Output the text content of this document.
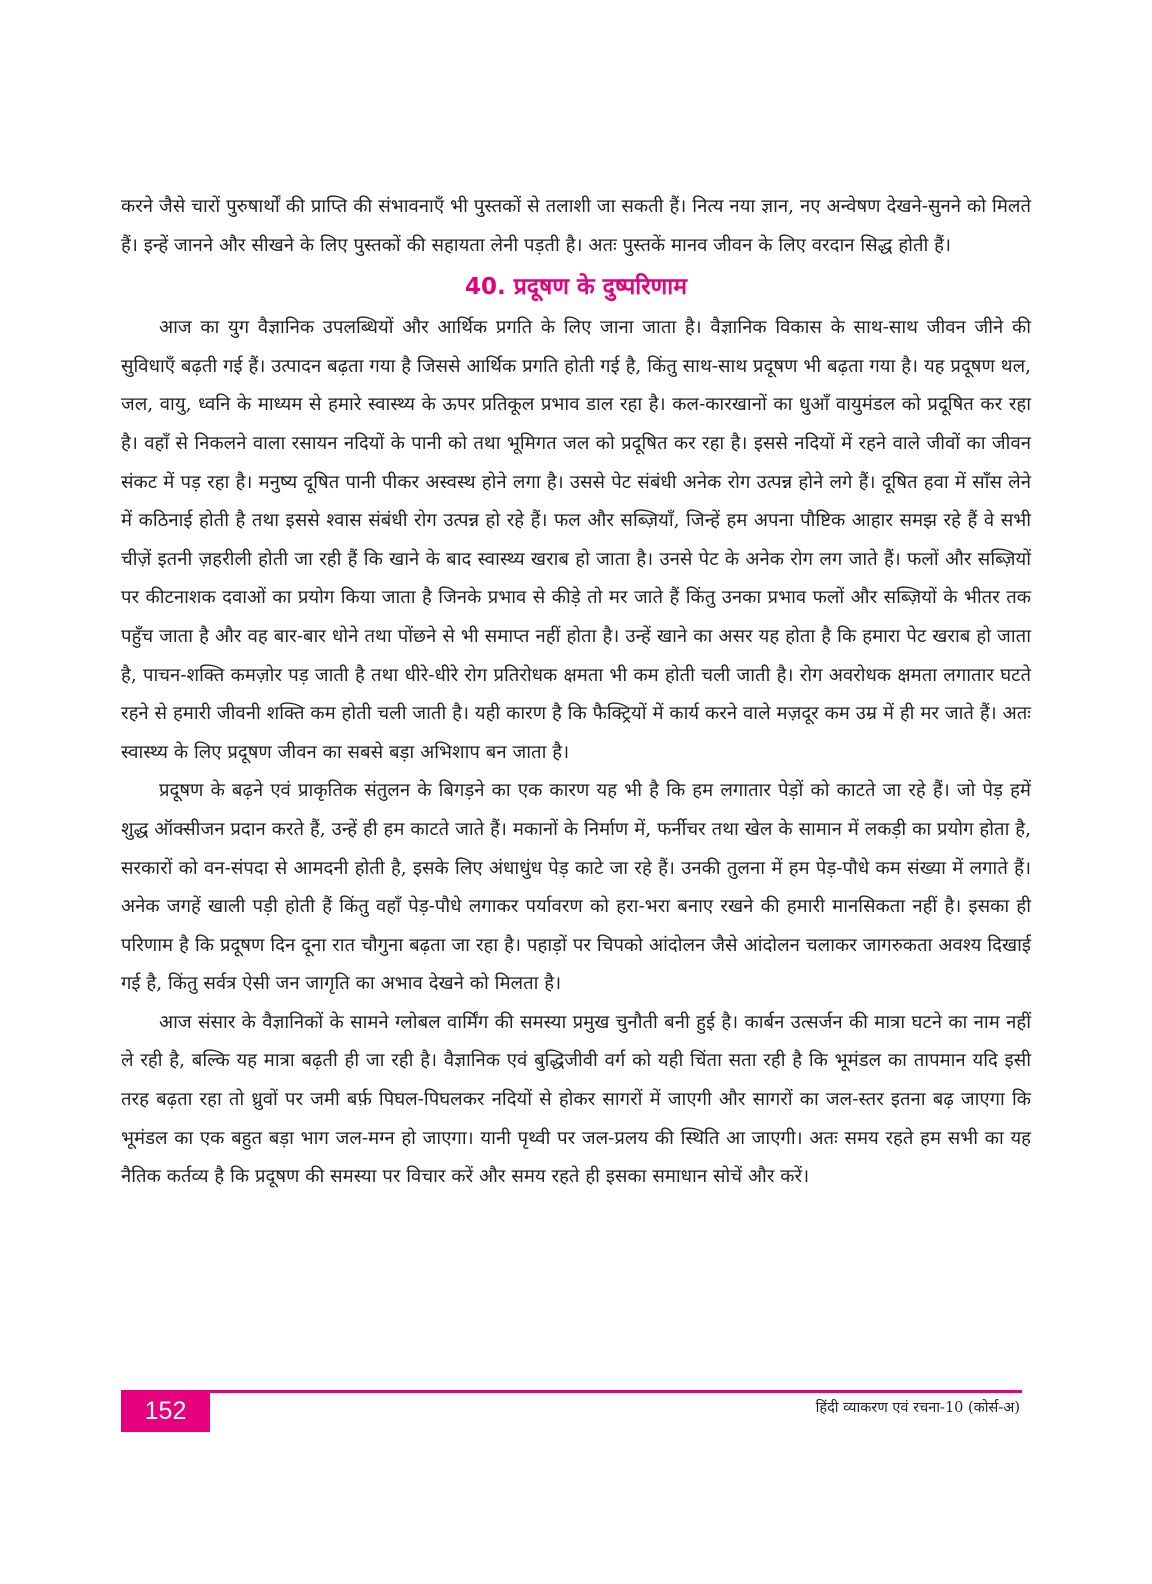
करने जैसे चारों पुरुषार्थों की प्राप्ति की संभावनाएँ भी पुस्तकों से तलाशी जा सकती हैं। नित्य नया ज्ञान, नए अन्वेषण देखने-सुनने को मिलते हैं। इन्हें जानने और सीखने के लिए पुस्तकों की सहायता लेनी पड़ती है। अतः पुस्तकें मानव जीवन के लिए वरदान सिद्ध होती हैं।

40. प्रदूषण के दुष्परिणाम

आज का युग वैज्ञानिक उपलब्धियों और आर्थिक प्रगति के लिए जाना जाता है। वैज्ञानिक विकास के साथ-साथ जीवन जीने की सुविधाएँ बढ़ती गई हैं। उत्पादन बढ़ता गया है जिससे आर्थिक प्रगति होती गई है, किंतु साथ-साथ प्रदूषण भी बढ़ता गया है। यह प्रदूषण थल, जल, वायु, ध्वनि के माध्यम से हमारे स्वास्थ्य के ऊपर प्रतिकूल प्रभाव डाल रहा है। कल-कारखानों का धुआँ वायुमंडल को प्रदूषित कर रहा है। वहाँ से निकलने वाला रसायन नदियों के पानी को तथा भूमिगत जल को प्रदूषित कर रहा है। इससे नदियों में रहने वाले जीवों का जीवन संकट में पड़ रहा है। मनुष्य दूषित पानी पीकर अस्वस्थ होने लगा है। उससे पेट संबंधी अनेक रोग उत्पन्न होने लगे हैं। दूषित हवा में साँस लेने में कठिनाई होती है तथा इससे श्वास संबंधी रोग उत्पन्न हो रहे हैं। फल और सब्ज़ियाँ, जिन्हें हम अपना पौष्टिक आहार समझ रहे हैं वे सभी चीज़ें इतनी ज़हरीली होती जा रही हैं कि खाने के बाद स्वास्थ्य खराब हो जाता है। उनसे पेट के अनेक रोग लग जाते हैं। फलों और सब्ज़ियों पर कीटनाशक दवाओं का प्रयोग किया जाता है जिनके प्रभाव से कीड़े तो मर जाते हैं किंतु उनका प्रभाव फलों और सब्ज़ियों के भीतर तक पहुँच जाता है और वह बार-बार धोने तथा पोंछने से भी समाप्त नहीं होता है। उन्हें खाने का असर यह होता है कि हमारा पेट खराब हो जाता है, पाचन-शक्ति कमज़ोर पड़ जाती है तथा धीरे-धीरे रोग प्रतिरोधक क्षमता भी कम होती चली जाती है। रोग अवरोधक क्षमता लगातार घटते रहने से हमारी जीवनी शक्ति कम होती चली जाती है। यही कारण है कि फैक्ट्रियों में कार्य करने वाले मज़दूर कम उम्र में ही मर जाते हैं। अतः स्वास्थ्य के लिए प्रदूषण जीवन का सबसे बड़ा अभिशाप बन जाता है।

प्रदूषण के बढ़ने एवं प्राकृतिक संतुलन के बिगड़ने का एक कारण यह भी है कि हम लगातार पेड़ों को काटते जा रहे हैं। जो पेड़ हमें शुद्ध ऑक्सीजन प्रदान करते हैं, उन्हें ही हम काटते जाते हैं। मकानों के निर्माण में, फर्नीचर तथा खेल के सामान में लकड़ी का प्रयोग होता है, सरकारों को वन-संपदा से आमदनी होती है, इसके लिए अंधाधुंध पेड़ काटे जा रहे हैं। उनकी तुलना में हम पेड़-पौधे कम संख्या में लगाते हैं। अनेक जगहें खाली पड़ी होती हैं किंतु वहाँ पेड़-पौधे लगाकर पर्यावरण को हरा-भरा बनाए रखने की हमारी मानसिकता नहीं है। इसका ही परिणाम है कि प्रदूषण दिन दूना रात चौगुना बढ़ता जा रहा है। पहाड़ों पर चिपको आंदोलन जैसे आंदोलन चलाकर जागरुकता अवश्य दिखाई गई है, किंतु सर्वत्र ऐसी जन जागृति का अभाव देखने को मिलता है।

आज संसार के वैज्ञानिकों के सामने ग्लोबल वार्मिंग की समस्या प्रमुख चुनौती बनी हुई है। कार्बन उत्सर्जन की मात्रा घटने का नाम नहीं ले रही है, बल्कि यह मात्रा बढ़ती ही जा रही है। वैज्ञानिक एवं बुद्धिजीवी वर्ग को यही चिंता सता रही है कि भूमंडल का तापमान यदि इसी तरह बढ़ता रहा तो ध्रुवों पर जमी बर्फ़ पिघल-पिघलकर नदियों से होकर सागरों में जाएगी और सागरों का जल-स्तर इतना बढ़ जाएगा कि भूमंडल का एक बहुत बड़ा भाग जल-मग्न हो जाएगा। यानी पृथ्वी पर जल-प्रलय की स्थिति आ जाएगी। अतः समय रहते हम सभी का यह नैतिक कर्तव्य है कि प्रदूषण की समस्या पर विचार करें और समय रहते ही इसका समाधान सोचें और करें।

152	हिंदी व्याकरण एवं रचना-10 (कोर्स-अ)
